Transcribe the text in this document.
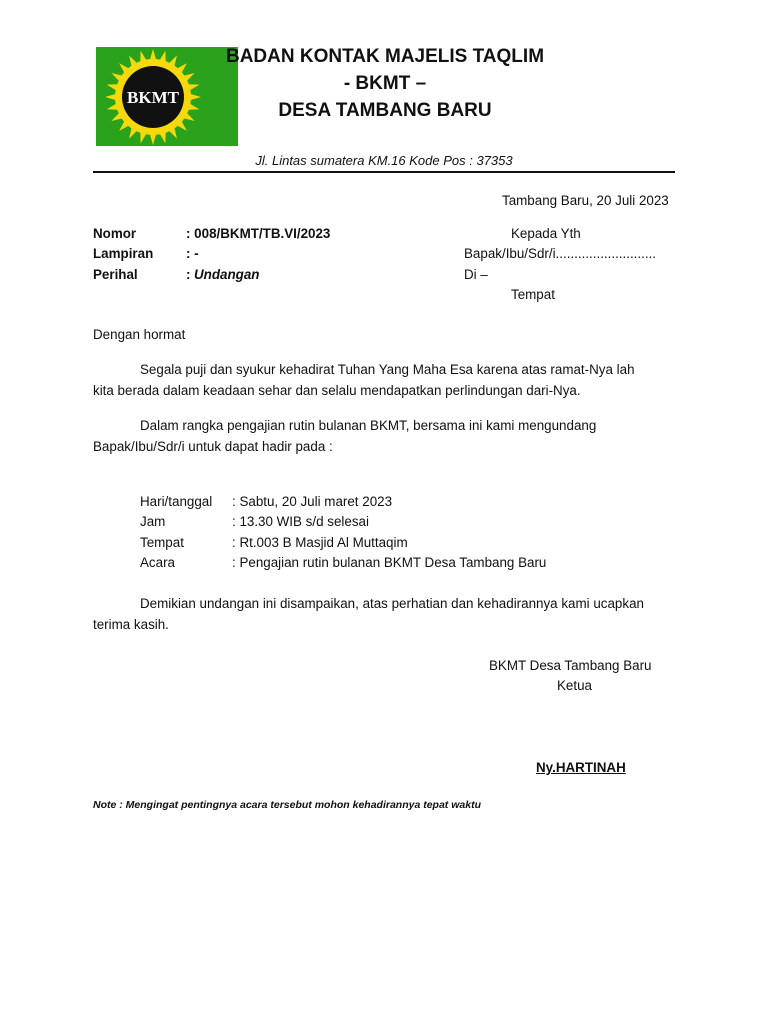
BKMT
BADAN KONTAK MAJELIS TAQLIM
- BKMT –
DESA TAMBANG BARU
Jl. Lintas sumatera KM.16 Kode Pos : 37353
Tambang Baru, 20 Juli 2023
Nomor	: 008/BKMT/TB.VI/2023
Lampiran : -
Perihal	: Undangan
Kepada Yth
Bapak/Ibu/Sdr/i...........................
Di –
Tempat
Dengan hormat
Segala puji dan syukur kehadirat Tuhan Yang Maha Esa karena atas ramat-Nya lah
kita berada dalam keadaan sehar dan selalu mendapatkan perlindungan dari-Nya.
Dalam rangka pengajian rutin bulanan BKMT, bersama ini kami mengundang
Bapak/Ibu/Sdr/i untuk dapat hadir pada :
Hari/tanggal : Sabtu, 20 Juli maret 2023
Jam	: 13.30 WIB s/d selesai
Tempat	: Rt.003 B Masjid Al Muttaqim
Acara	: Pengajian rutin bulanan BKMT Desa Tambang Baru
Demikian undangan ini disampaikan, atas perhatian dan kehadirannya kami ucapkan
terima kasih.
BKMT Desa Tambang Baru
Ketua
Ny.HARTINAH
Note : Mengingat pentingnya acara tersebut mohon kehadirannya tepat waktu
